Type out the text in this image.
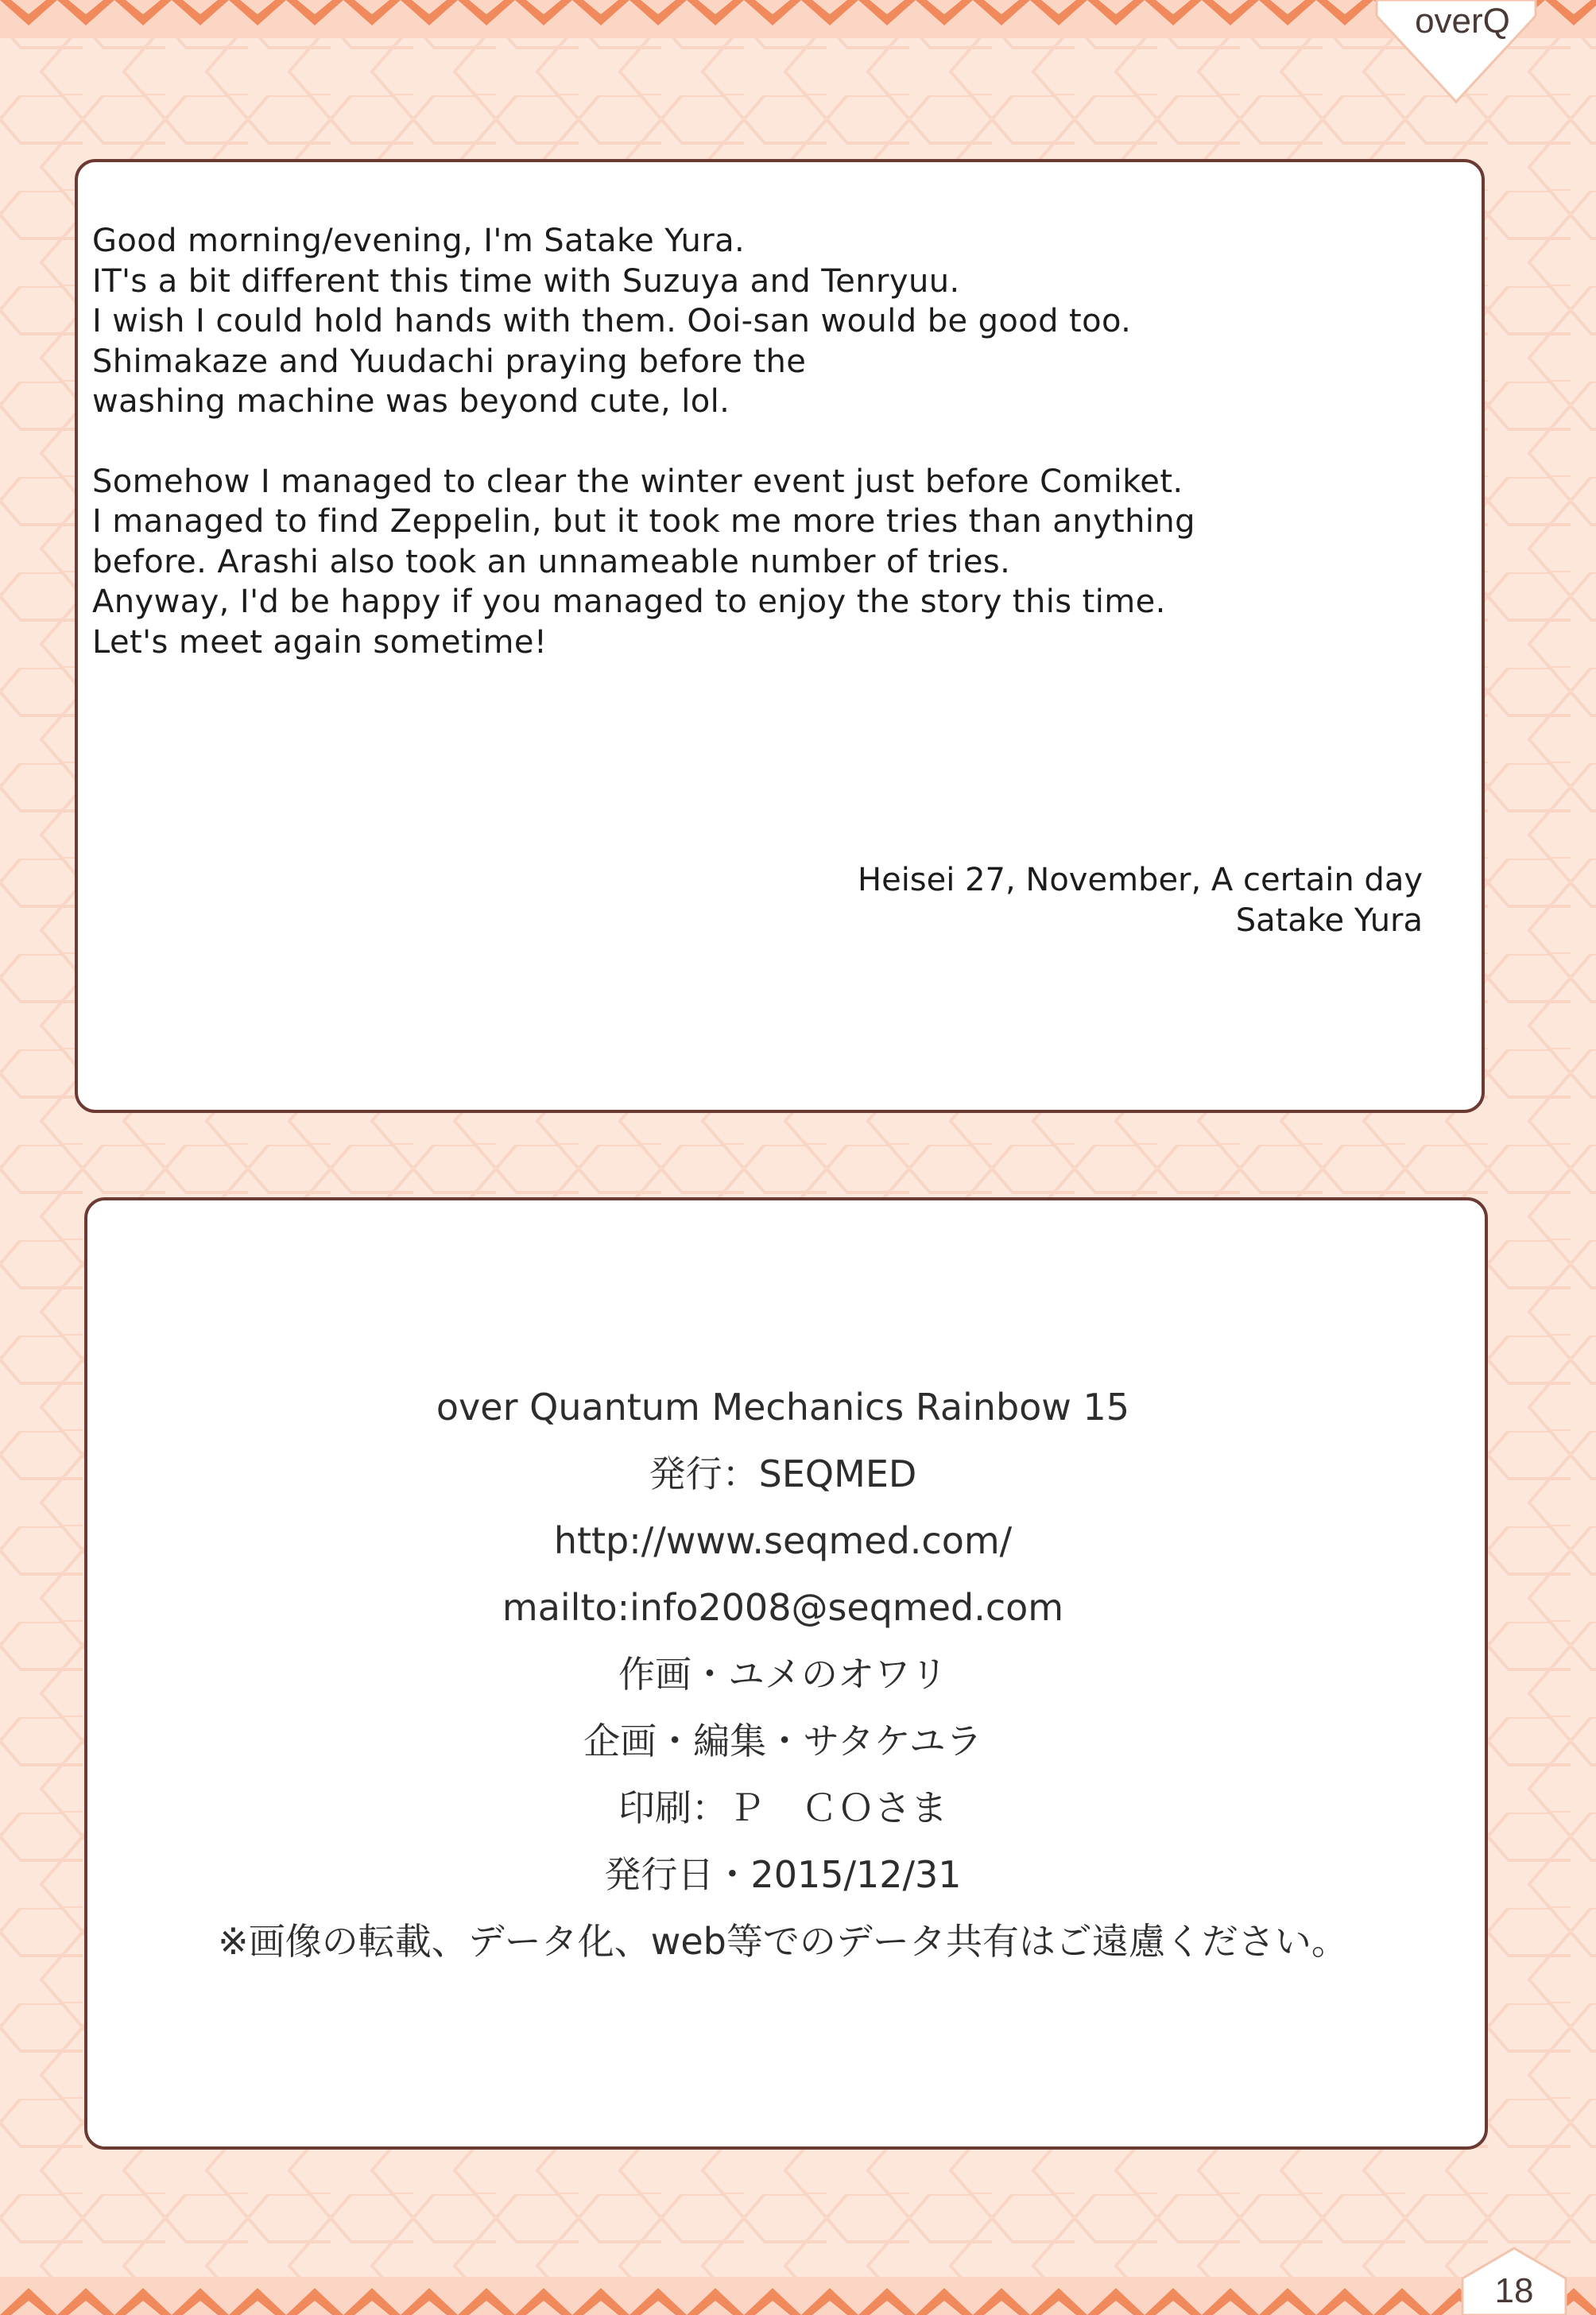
overQ

Good morning/evening, I'm Satake Yura.

IT's a bit different this time with Suzuya and Tenryuu.

I wish I could hold hands with them. Ooi-san would be good too.

Shimakaze and Yuudachi praying before the

washing machine was beyond cute, lol.

Somehow I managed to clear the winter event just before Comiket.

I managed to find Zeppelin, but it took me more tries than anything

before. Arashi also took an unnameable number of tries.

Anyway, I'd be happy if you managed to enjoy the story this time.

Let's meet again sometime!

Heisei 27, November, A certain day

Satake Yura

over Quantum Mechanics Rainbow 15

発行：SEQMED

http://www.seqmed.com/

mailto:info2008@seqmed.com

作画・ユメのオワリ

企画・編集・サタケユラ

印刷：Ｐ　ＣＯさま

発行日・2015/12/31

※画像の転載、データ化、web等でのデータ共有はご遠慮ください。

18
